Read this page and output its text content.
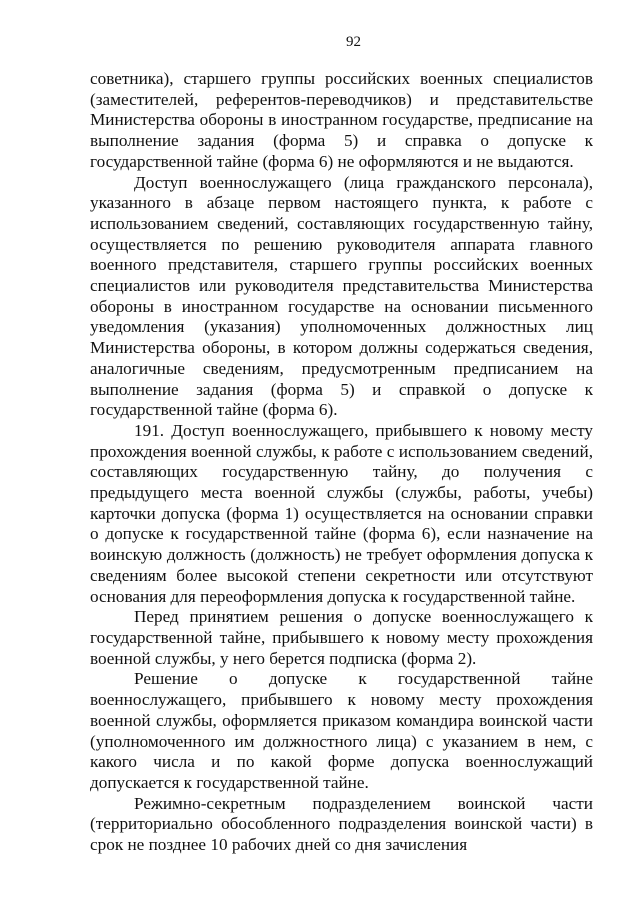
92

советника), старшего группы российских военных специалистов (заместителей, референтов-переводчиков) и представительстве Министерства обороны в иностранном государстве, предписание на выполнение задания (форма 5) и справка о допуске к государственной тайне (форма 6) не оформляются и не выдаются.

Доступ военнослужащего (лица гражданского персонала), указанного в абзаце первом настоящего пункта, к работе с использованием сведений, составляющих государственную тайну, осуществляется по решению руководителя аппарата главного военного представителя, старшего группы российских военных специалистов или руководителя представительства Министерства обороны в иностранном государстве на основании письменного уведомления (указания) уполномоченных должностных лиц Министерства обороны, в котором должны содержаться сведения, аналогичные сведениям, предусмотренным предписанием на выполнение задания (форма 5) и справкой о допуске к государственной тайне (форма 6).

191. Доступ военнослужащего, прибывшего к новому месту прохождения военной службы, к работе с использованием сведений, составляющих государственную тайну, до получения с предыдущего места военной службы (службы, работы, учебы) карточки допуска (форма 1) осуществляется на основании справки о допуске к государственной тайне (форма 6), если назначение на воинскую должность (должность) не требует оформления допуска к сведениям более высокой степени секретности или отсутствуют основания для переоформления допуска к государственной тайне.

Перед принятием решения о допуске военнослужащего к государственной тайне, прибывшего к новому месту прохождения военной службы, у него берется подписка (форма 2).

Решение о допуске к государственной тайне военнослужащего, прибывшего к новому месту прохождения военной службы, оформляется приказом командира воинской части (уполномоченного им должностного лица) с указанием в нем, с какого числа и по какой форме допуска военнослужащий допускается к государственной тайне.

Режимно-секретным подразделением воинской части (территориально обособленного подразделения воинской части) в срок не позднее 10 рабочих дней со дня зачисления
